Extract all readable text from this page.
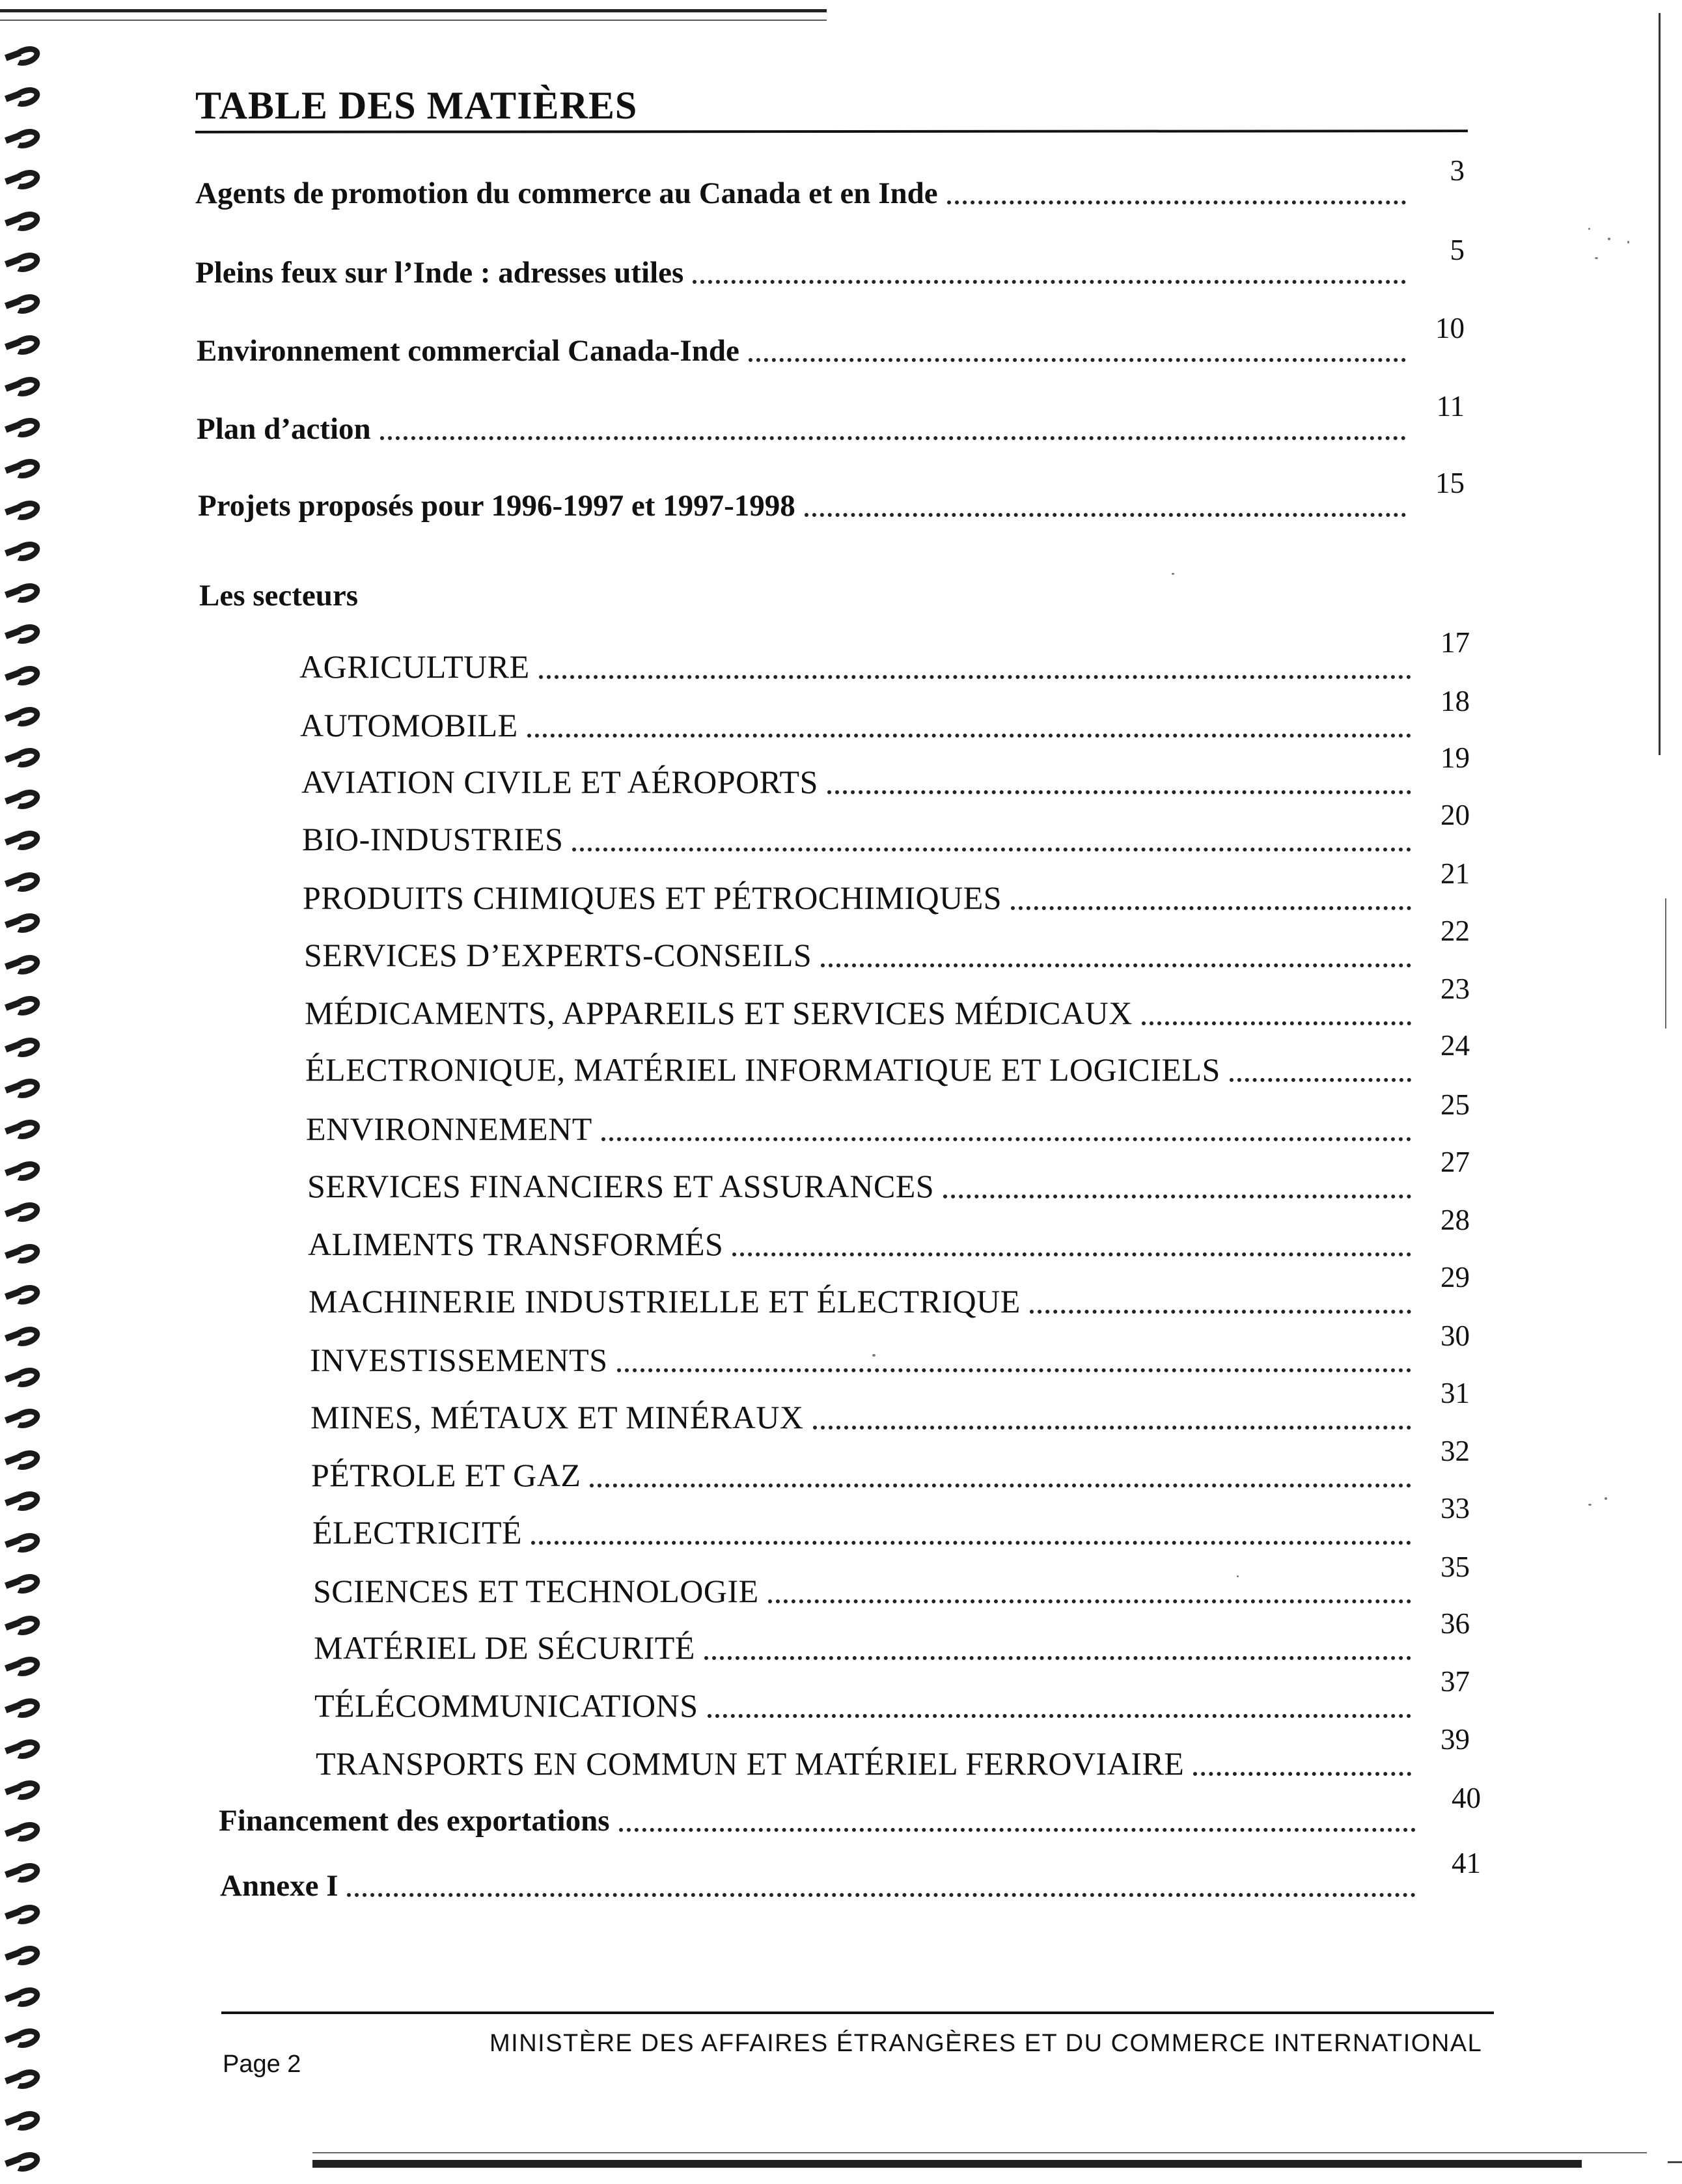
TABLE DES MATIÈRES
Agents de promotion du commerce au Canada et en Inde
3
Pleins feux sur l’Inde : adresses utiles
5
Environnement commercial Canada-Inde
10
Plan d’action
11
Projets proposés pour 1996-1997 et 1997-1998
15
Les secteurs
AGRICULTURE
17
AUTOMOBILE
18
AVIATION CIVILE ET AÉROPORTS
19
BIO-INDUSTRIES
20
PRODUITS CHIMIQUES ET PÉTROCHIMIQUES
21
SERVICES D’EXPERTS-CONSEILS
22
MÉDICAMENTS, APPAREILS ET SERVICES MÉDICAUX
23
ÉLECTRONIQUE, MATÉRIEL INFORMATIQUE ET LOGICIELS
24
ENVIRONNEMENT
25
SERVICES FINANCIERS ET ASSURANCES
27
ALIMENTS TRANSFORMÉS
28
MACHINERIE INDUSTRIELLE ET ÉLECTRIQUE
29
INVESTISSEMENTS
30
MINES, MÉTAUX ET MINÉRAUX
31
PÉTROLE ET GAZ
32
ÉLECTRICITÉ
33
SCIENCES ET TECHNOLOGIE
35
MATÉRIEL DE SÉCURITÉ
36
TÉLÉCOMMUNICATIONS
37
TRANSPORTS EN COMMUN ET MATÉRIEL FERROVIAIRE
39
Financement des exportations
40
Annexe I
41
Page 2
MINISTÈRE DES AFFAIRES ÉTRANGÈRES ET DU COMMERCE INTERNATIONAL
